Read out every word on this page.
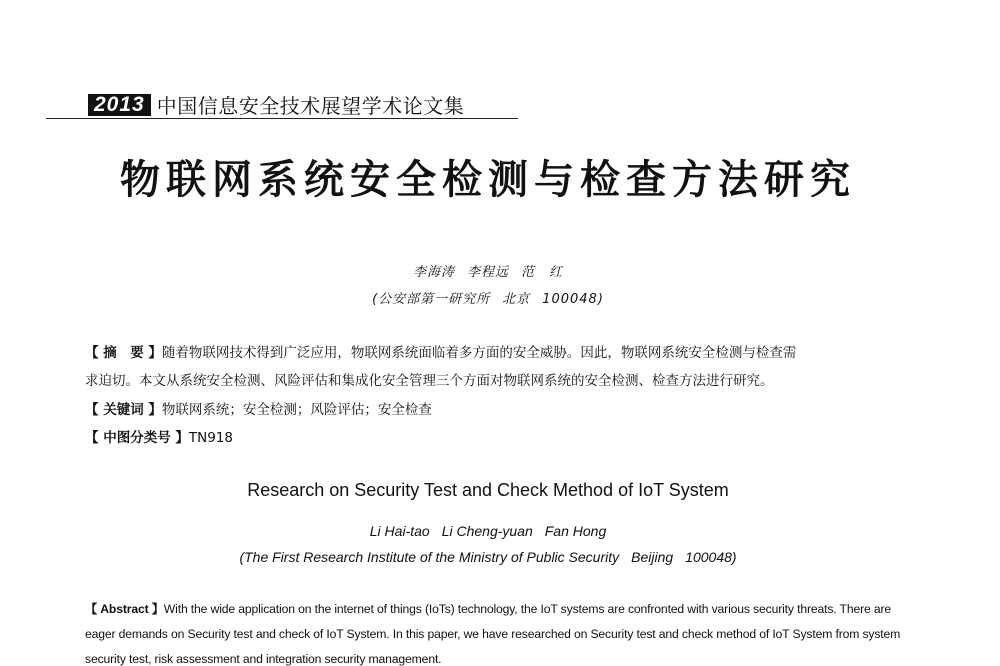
2013 中国信息安全技术展望学术论文集
物联网系统安全检测与检查方法研究
李海涛 李程远 范　红
(公安部第一研究所 北京 100048)
【 摘　要 】随着物联网技术得到广泛应用，物联网系统面临着多方面的安全威胁。因此，物联网系统安全检测与检查需
求迫切。本文从系统安全检测、风险评估和集成化安全管理三个方面对物联网系统的安全检测、检查方法进行研究。
【 关键词 】物联网系统；安全检测；风险评估；安全检查
【 中图分类号 】TN918
Research on Security Test and Check Method of IoT System
Li Hai-tao Li Cheng-yuan Fan Hong
(The First Research Institute of the Ministry of Public Security Beijing 100048)
【 Abstract 】With the wide application on the internet of things (IoTs) technology, the IoT systems are confronted with various security threats. There are
eager demands on Security test and check of IoT System. In this paper, we have researched on Security test and check method of IoT System from system
security test, risk assessment and integration security management.
